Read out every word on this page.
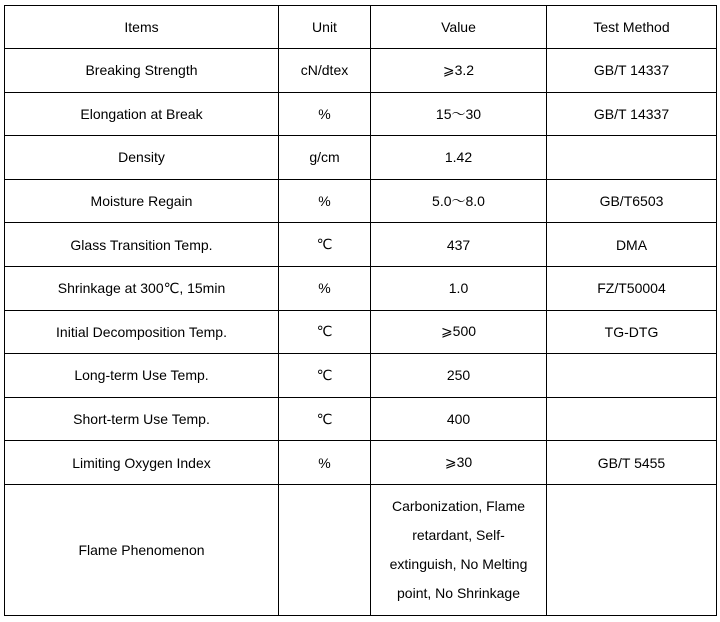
Items	Unit	Value	Test Method
Breaking Strength	cN/dtex	⩾3.2	GB/T 14337
Elongation at Break	%	15～30	GB/T 14337
Density	g/cm	1.42	
Moisture Regain	%	5.0～8.0	GB/T6503
Glass Transition Temp.	℃	437	DMA
Shrinkage at 300℃, 15min	%	1.0	FZ/T50004
Initial Decomposition Temp.	℃	⩾500	TG-DTG
Long-term Use Temp.	℃	250	
Short-term Use Temp.	℃	400	
Limiting Oxygen Index	%	⩾30	GB/T 5455
Flame Phenomenon		Carbonization, Flame retardant, Self-extinguish, No Melting point, No Shrinkage	
